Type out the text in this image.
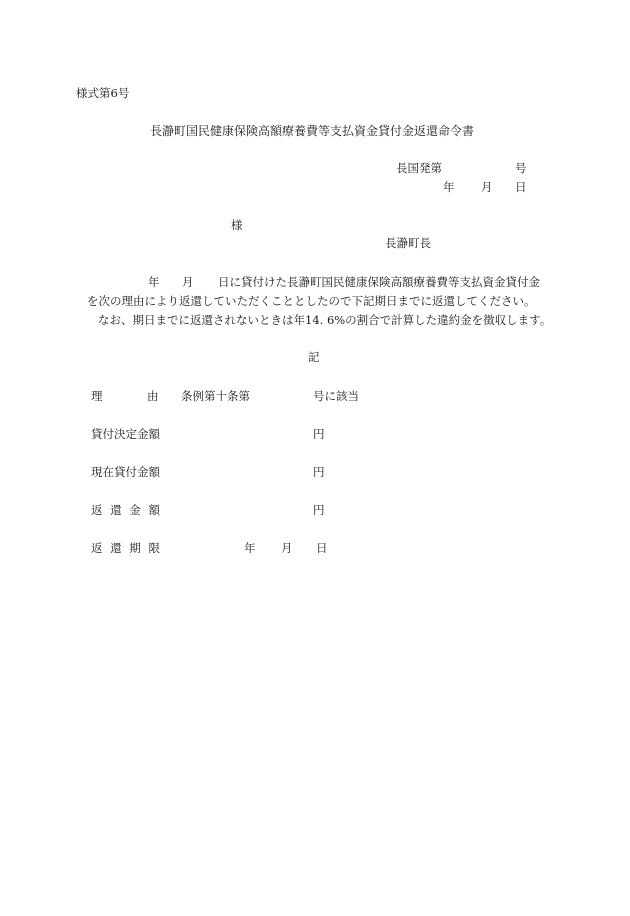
様式第6号
長瀞町国民健康保険高額療養費等支払資金貸付金返還命令書
長国発第	号
年 月 日
様
長瀞町長
年 月 日に貸付けた長瀞町国民健康保険高額療養費等支払資金貸付金
を次の理由により返還していただくこととしたので下記期日までに返還してください。
なお、期日までに返還されないときは年14. 6%の割合で計算した違約金を徴収します。
記
理	由 条例第十条第	号に該当
貸付決定金額	円
現在貸付金額	円
返 還 金 額	円
返 還 期 限	年 月 日
